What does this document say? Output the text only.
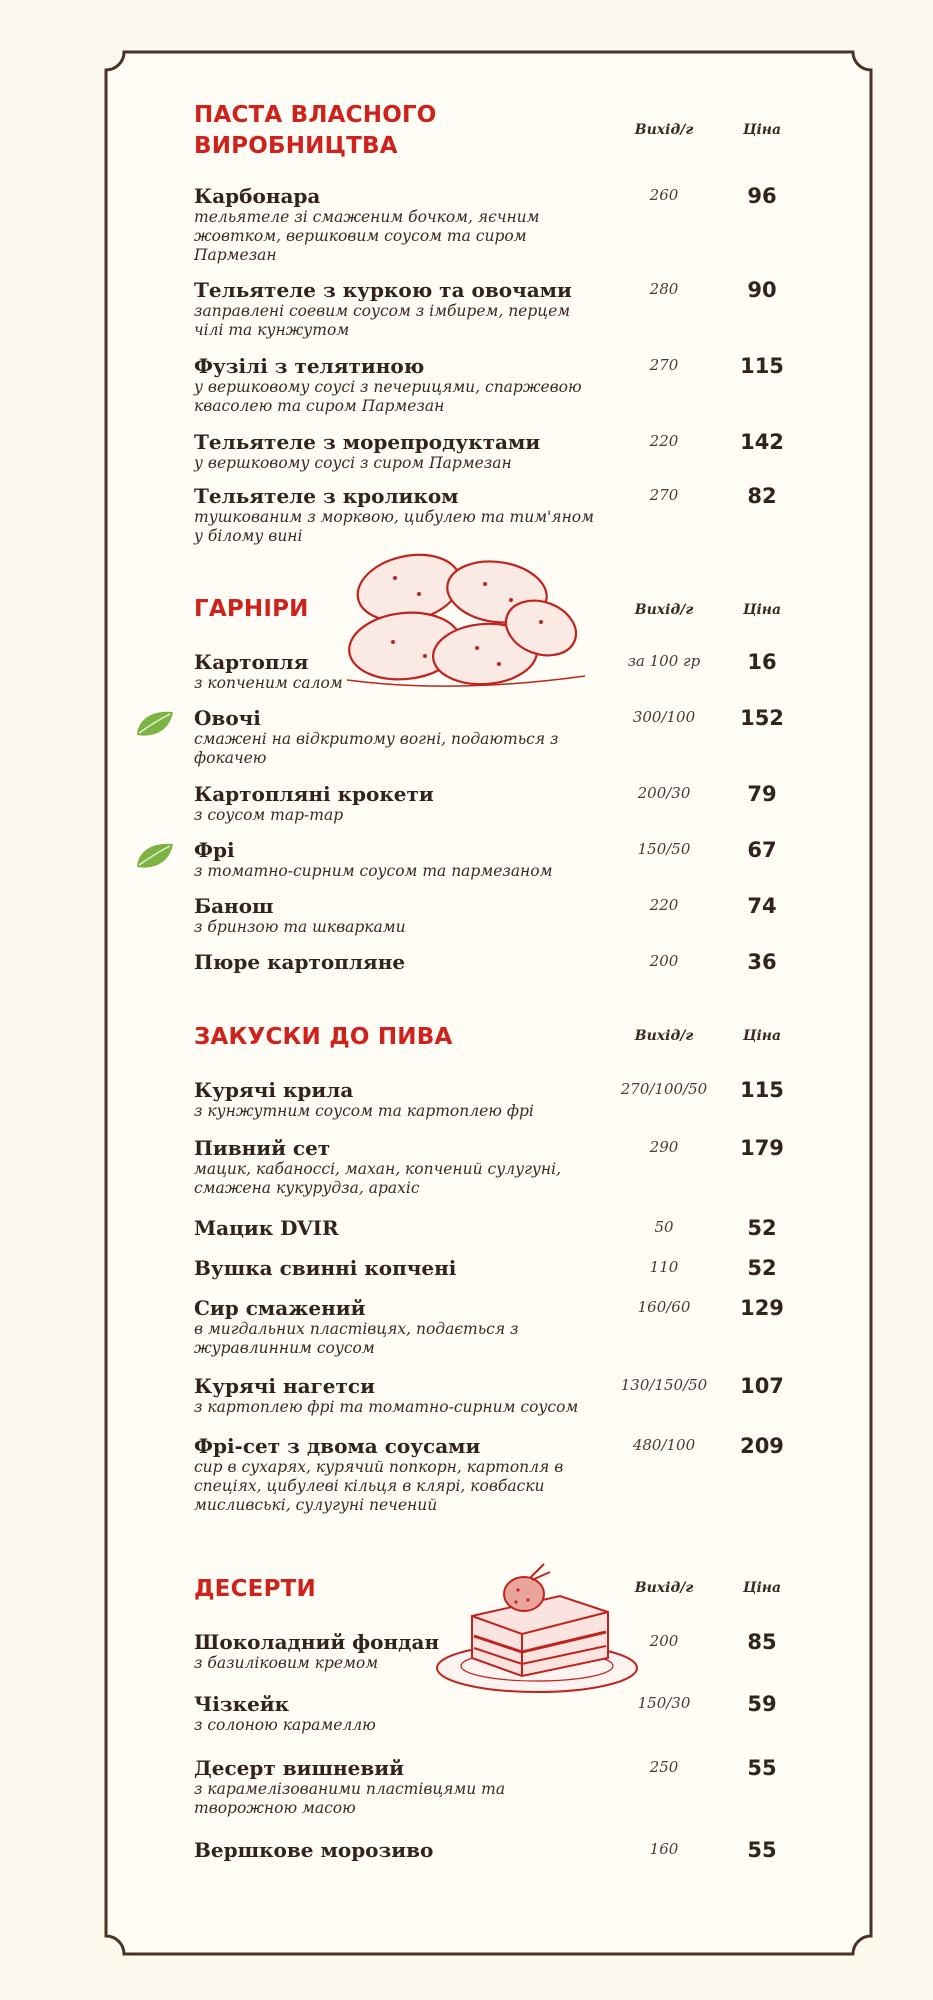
ПАСТА ВЛАСНОГО ВИРОБНИЦТВА
Вихід/г	Ціна
Карбонара
тельятеле зі смаженим бочком, яєчним жовтком, вершковим соусом та сиром Пармезан
260	96
Тельятеле з куркою та овочами
заправлені соевим соусом з імбирем, перцем чілі та кунжутом
280	90
Фузілі з телятиною
у вершковому соусі з печерицями, спаржевою квасолею та сиром Пармезан
270	115
Тельятеле з морепродуктами
у вершковому соусі з сиром Пармезан
220	142
Тельятеле з кроликом
тушкованим з морквою, цибулею та тим'яном у білому вині
270	82
ГАРНІРИ	Вихід/г	Ціна
Картопля
з копченим салом
за 100 гр	16
Овочі
смажені на відкритому вогні, подаються з фокачею
300/100	152
Картопляні крокети
з соусом тар-тар
200/30	79
Фрі
з томатно-сирним соусом та пармезаном
150/50	67
Банош
з бринзою та шкварками
220	74
Пюре картопляне	200	36
ЗАКУСКИ ДО ПИВА	Вихід/г	Ціна
Курячі крила
з кунжутним соусом та картоплею фрі
270/100/50	115
Пивний сет
мацик, кабаноссі, махан, копчений сулугуні, смажена кукурудза, арахіс
290	179
Мацик DVIR	50	52
Вушка свинні копчені	110	52
Сир смажений
в мигдальних пластівцях, подається з журавлинним соусом
160/60	129
Курячі нагетси
з картоплею фрі та томатно-сирним соусом
130/150/50	107
Фрі-сет з двома соусами
сир в сухарях, курячий попкорн, картопля в спеціях, цибулеві кільця в клярі, ковбаски мисливські, сулугуні печений
480/100	209
ДЕСЕРТИ	Вихід/г	Ціна
Шоколадний фондан
з базиліковим кремом
200	85
Чізкейк
з солоною карамеллю
150/30	59
Десерт вишневий
з карамелізованими пластівцями та творожною масою
250	55
Вершкове морозиво	160	55
